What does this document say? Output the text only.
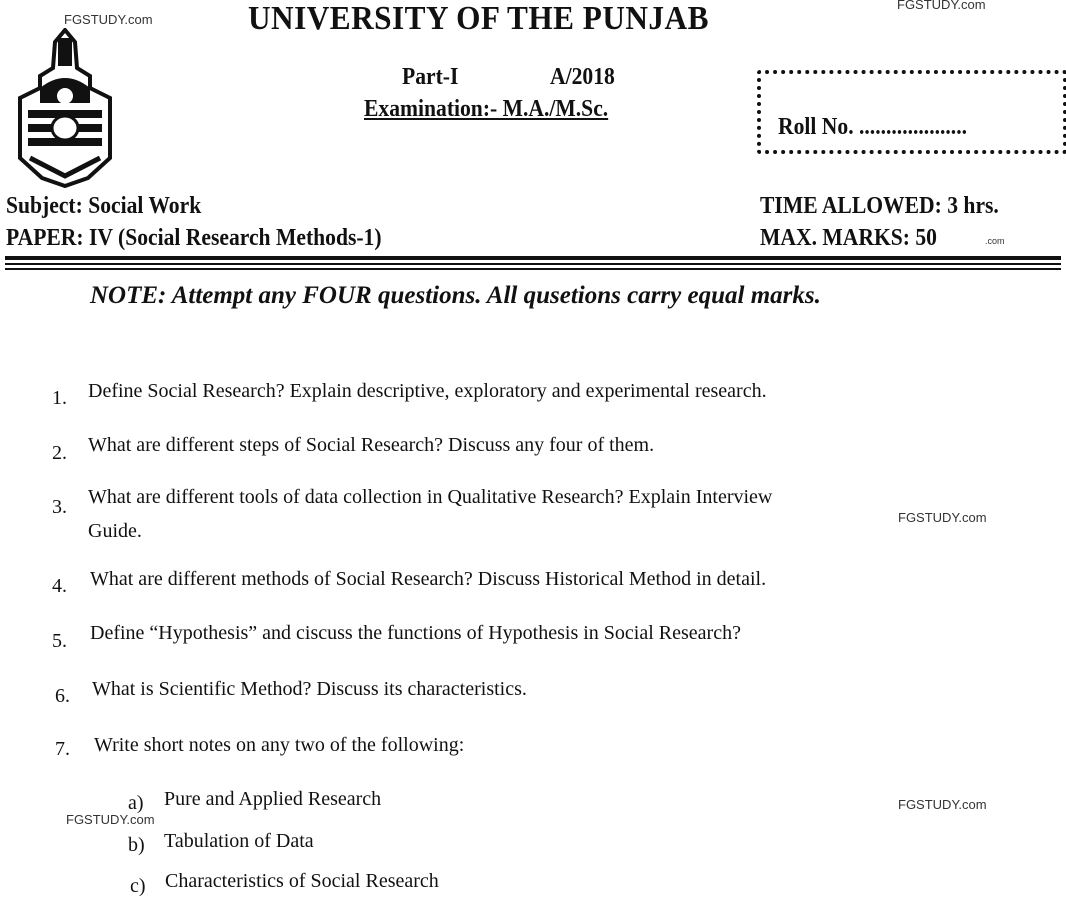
FGSTUDY.com
FGSTUDY.com
FGSTUDY.com
FGSTUDY.com
FGSTUDY.com
.com
UNIVERSITY OF THE PUNJAB
Part-I	A/2018
Examination:- M.A./M.Sc.
Roll No. ....................
Subject: Social Work
PAPER: IV (Social Research Methods-1)
TIME ALLOWED: 3 hrs.
MAX. MARKS: 50
NOTE: Attempt any FOUR questions. All qusetions carry equal marks.
1. Define Social Research? Explain descriptive, exploratory and experimental research.
2. What are different steps of Social Research? Discuss any four of them.
3. What are different tools of data collection in Qualitative Research? Explain Interview
Guide.
4. What are different methods of Social Research? Discuss Historical Method in detail.
5. Define “Hypothesis” and ciscuss the functions of Hypothesis in Social Research?
6. What is Scientific Method? Discuss its characteristics.
7. Write short notes on any two of the following:
a) Pure and Applied Research
b) Tabulation of Data
c) Characteristics of Social Research
